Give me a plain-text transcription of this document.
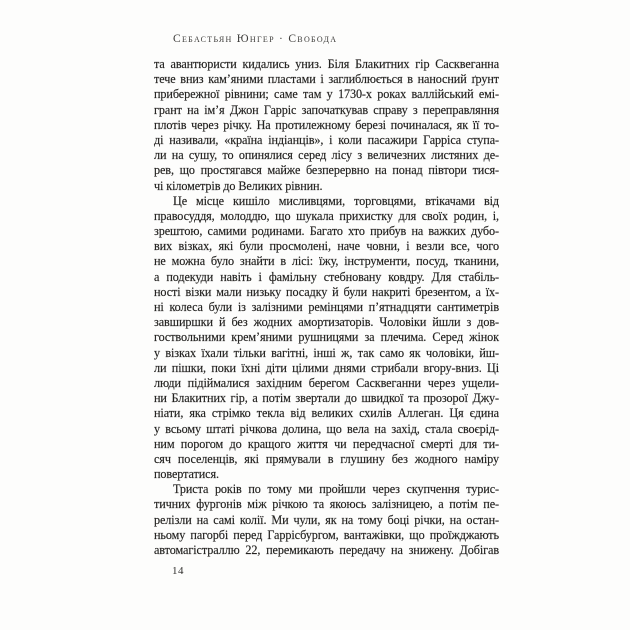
Себастьян Юнгер · Свобода
та авантюристи кидались униз. Біля Блакитних гір Сасквеганна
тече вниз кам’яними пластами і заглиблюється в наносний ґрунт
прибережної рівнини; саме там у 1730-х роках валлійський емі-
грант на ім’я Джон Гарріс започаткував справу з переправляння
плотів через річку. На протилежному березі починалася, як її то-
ді називали, «країна індіанців», і коли пасажири Гарріса ступа-
ли на сушу, то опинялися серед лісу з величезних листяних де-
рев, що простягався майже безперервно на понад півтори тися-
чі кілометрів до Великих рівнин.
Це місце кишіло мисливцями, торговцями, втікачами від
правосуддя, молоддю, що шукала прихистку для своїх родин, і,
зрештою, самими родинами. Багато хто прибув на важких дубо-
вих візках, які були просмолені, наче човни, і везли все, чого
не можна було знайти в лісі: їжу, інструменти, посуд, тканини,
а подекуди навіть і фамільну стебновану ковдру. Для стабіль-
ності візки мали низьку посадку й були накриті брезентом, а їх-
ні колеса були із залізними ремінцями п’ятнадцяти сантиметрів
завширшки й без жодних амортизаторів. Чоловіки йшли з дов-
гоствольними крем’яними рушницями за плечима. Серед жінок
у візках їхали тільки вагітні, інші ж, так само як чоловіки, йш-
ли пішки, поки їхні діти цілими днями стрибали вгору-вниз. Ці
люди підіймалися західним берегом Сасквеганни через ущели-
ни Блакитних гір, а потім звертали до швидкої та прозорої Джу-
ніати, яка стрімко текла від великих схилів Аллеган. Ця єдина
у всьому штаті річкова долина, що вела на захід, стала своєрід-
ним порогом до кращого життя чи передчасної смерті для ти-
сяч поселенців, які прямували в глушину без жодного наміру
повертатися.
Триста років по тому ми пройшли через скупчення турис-
тичних фургонів між річкою та якоюсь залізницею, а потім пе-
релізли на самі колії. Ми чули, як на тому боці річки, на остан-
ньому пагорбі перед Гаррісбургом, вантажівки, що проїжджають
автомагістраллю 22, перемикають передачу на знижену. Добігав
14
